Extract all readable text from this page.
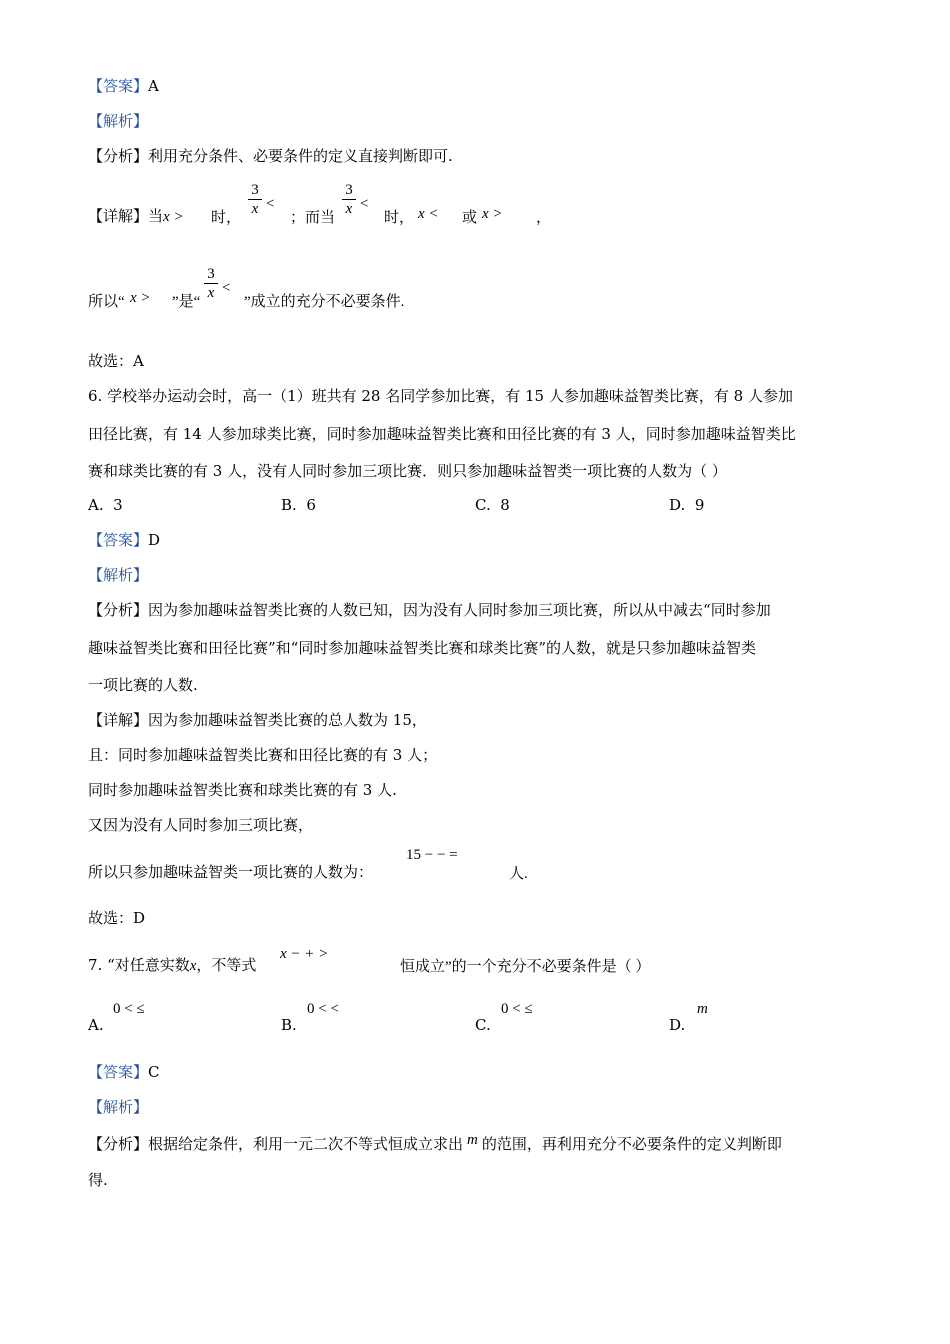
【答案】A
【解析】
【分析】利用充分条件、必要条件的定义直接判断即可.
【详解】当x > 时，
3
x <
；而当
3
x <
时， x < 或 x > ，
所以“ x > ”是“
3
x <
”成立的充分不必要条件.
故选：A
6. 学校举办运动会时，高一（1）班共有 28 名同学参加比赛，有 15 人参加趣味益智类比赛，有 8 人参加
田径比赛，有 14 人参加球类比赛，同时参加趣味益智类比赛和田径比赛的有 3 人，同时参加趣味益智类比
赛和球类比赛的有 3 人，没有人同时参加三项比赛．则只参加趣味益智类一项比赛的人数为（ ）
A. 3	B. 6	C. 8	D. 9
【答案】D
【解析】
【分析】因为参加趣味益智类比赛的人数已知，因为没有人同时参加三项比赛，所以从中减去“同时参加
趣味益智类比赛和田径比赛”和“同时参加趣味益智类比赛和球类比赛”的人数，就是只参加趣味益智类
一项比赛的人数.
【详解】因为参加趣味益智类比赛的总人数为 15，
且：同时参加趣味益智类比赛和田径比赛的有 3 人；
同时参加趣味益智类比赛和球类比赛的有 3 人.
又因为没有人同时参加三项比赛，
所以只参加趣味益智类一项比赛的人数为：
15 − − =
人.
故选：D
7. “对任意实数x，不等式
x − + >
恒成立”的一个充分不必要条件是（ ）
A.
0 < ≤
B.
0 < <
C.
0 < ≤
D.
m
【答案】C
【解析】
【分析】根据给定条件，利用一元二次不等式恒成立求出 m 的范围，再利用充分不必要条件的定义判断即
得.
